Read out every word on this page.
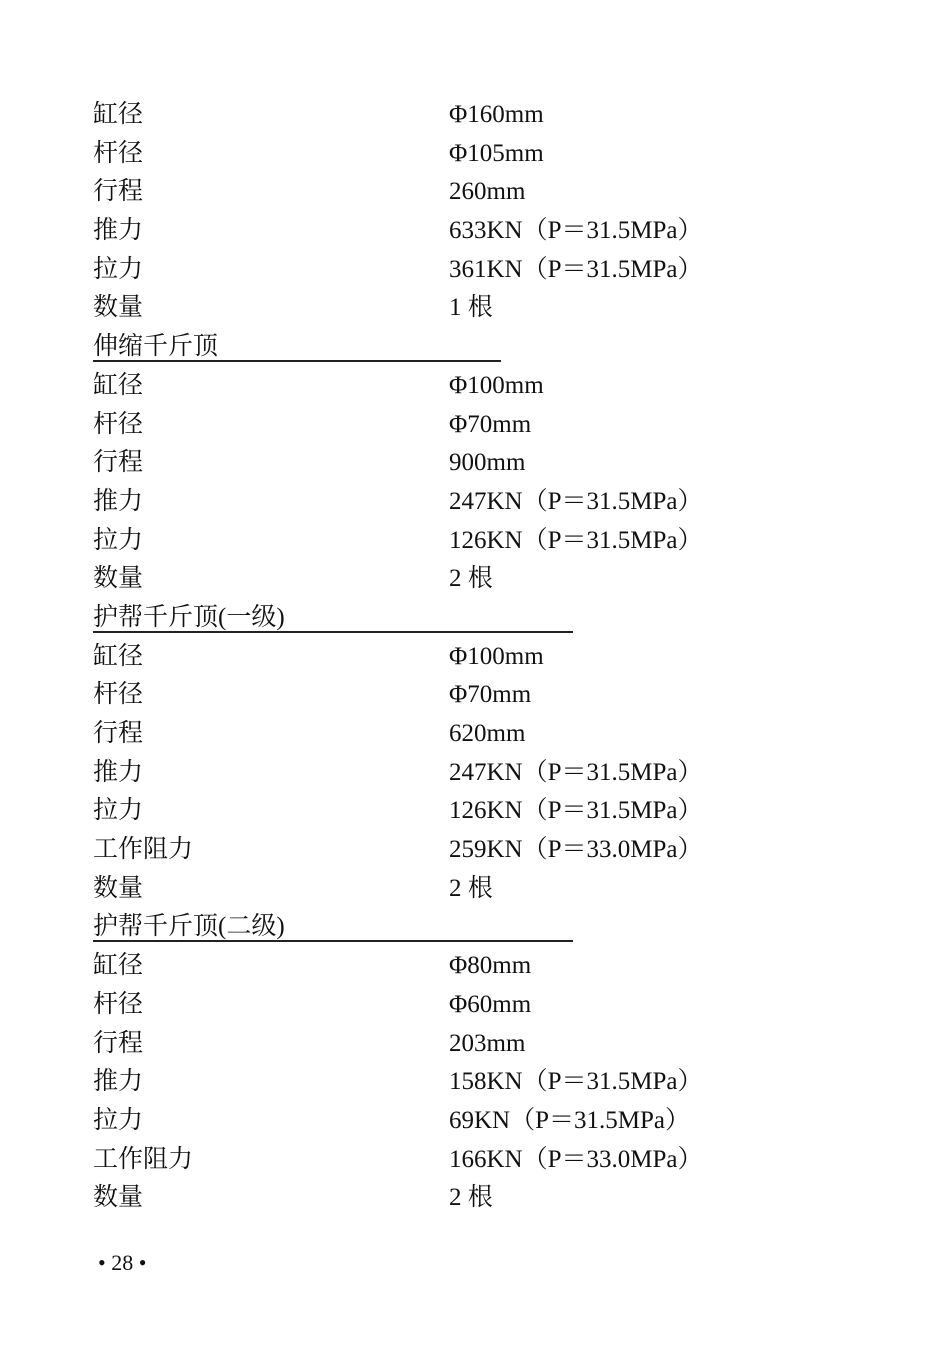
缸径	Φ160mm
杆径	Φ105mm
行程	260mm
推力	633KN（P＝31.5MPa）
拉力	361KN（P＝31.5MPa）
数量	1 根
伸缩千斤顶
缸径	Φ100mm
杆径	Φ70mm
行程	900mm
推力	247KN（P＝31.5MPa）
拉力	126KN（P＝31.5MPa）
数量	2 根
护帮千斤顶(一级)
缸径	Φ100mm
杆径	Φ70mm
行程	620mm
推力	247KN（P＝31.5MPa）
拉力	126KN（P＝31.5MPa）
工作阻力	259KN（P＝33.0MPa）
数量	2 根
护帮千斤顶(二级)
缸径	Φ80mm
杆径	Φ60mm
行程	203mm
推力	158KN（P＝31.5MPa）
拉力	69KN（P＝31.5MPa）
工作阻力	166KN（P＝33.0MPa）
数量	2 根
• 28 •
